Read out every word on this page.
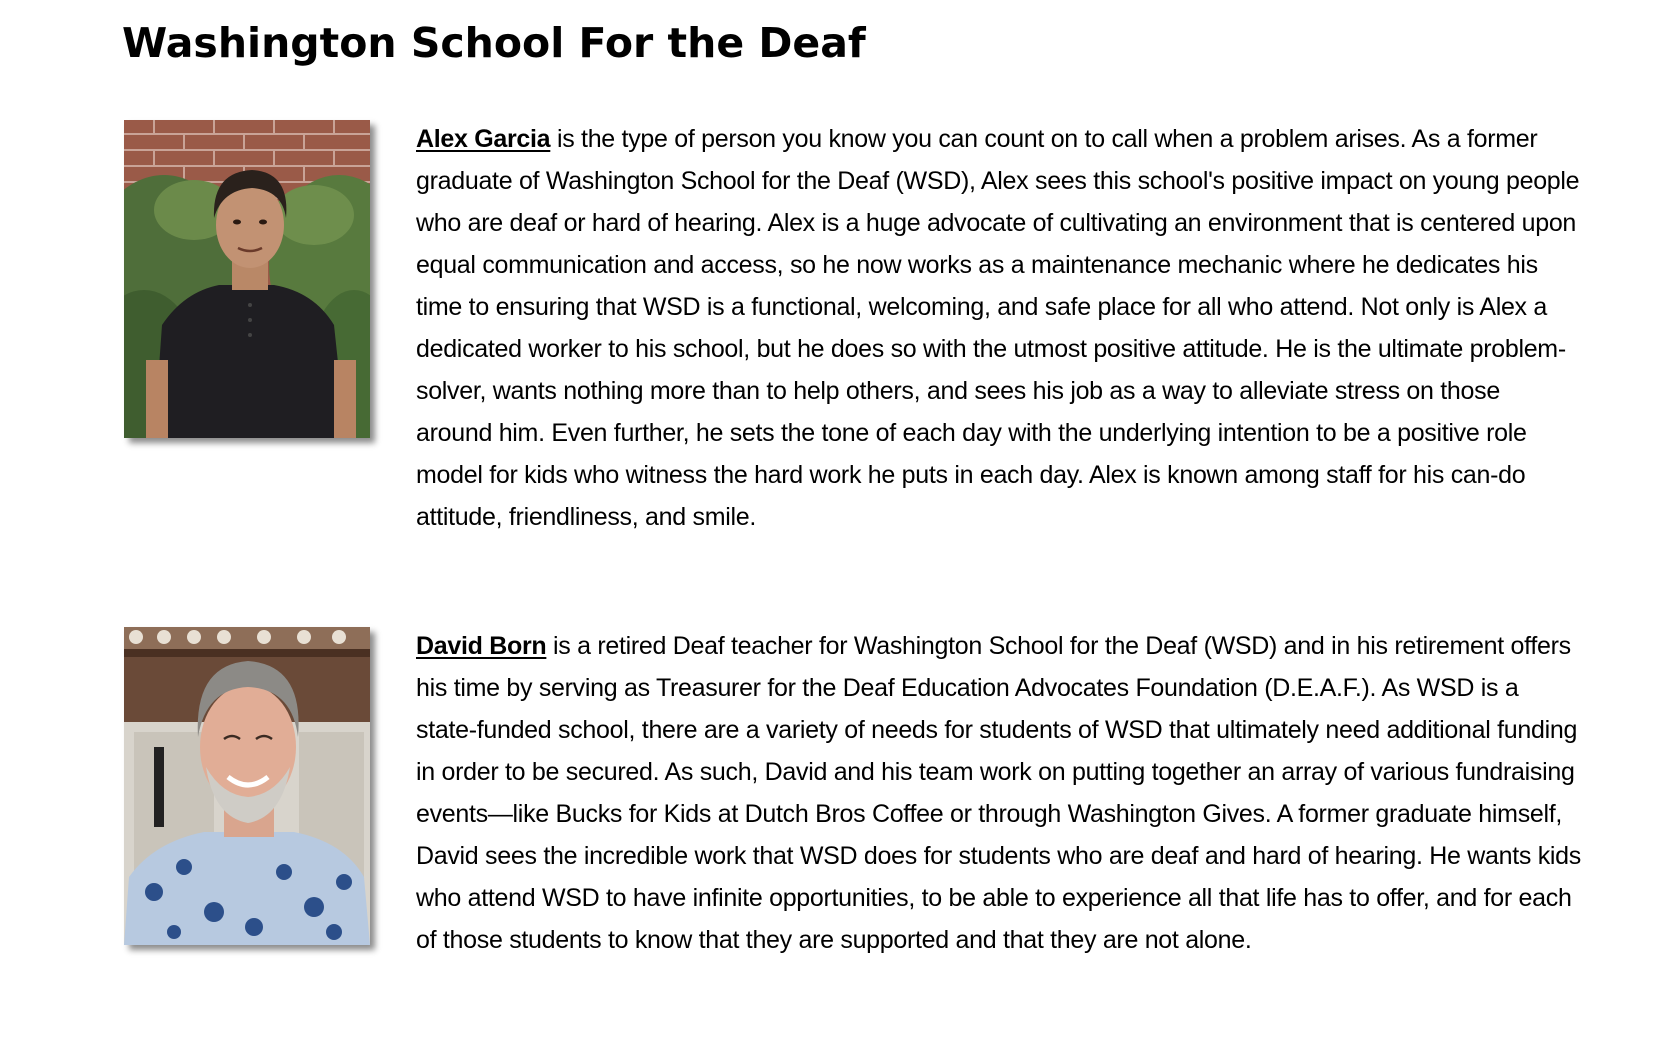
Washington School For the Deaf

Alex Garcia is the type of person you know you can count on to call when a problem arises. As a former graduate of Washington School for the Deaf (WSD), Alex sees this school's positive impact on young people who are deaf or hard of hearing. Alex is a huge advocate of cultivating an environment that is centered upon equal communication and access, so he now works as a maintenance mechanic where he dedicates his time to ensuring that WSD is a functional, welcoming, and safe place for all who attend. Not only is Alex a dedicated worker to his school, but he does so with the utmost positive attitude. He is the ultimate problem-solver, wants nothing more than to help others, and sees his job as a way to alleviate stress on those around him. Even further, he sets the tone of each day with the underlying intention to be a positive role model for kids who witness the hard work he puts in each day. Alex is known among staff for his can-do attitude, friendliness, and smile.

David Born is a retired Deaf teacher for Washington School for the Deaf (WSD) and in his retirement offers his time by serving as Treasurer for the Deaf Education Advocates Foundation (D.E.A.F.). As WSD is a state-funded school, there are a variety of needs for students of WSD that ultimately need additional funding in order to be secured. As such, David and his team work on putting together an array of various fundraising events—like Bucks for Kids at Dutch Bros Coffee or through Washington Gives. A former graduate himself, David sees the incredible work that WSD does for students who are deaf and hard of hearing. He wants kids who attend WSD to have infinite opportunities, to be able to experience all that life has to offer, and for each of those students to know that they are supported and that they are not alone.
